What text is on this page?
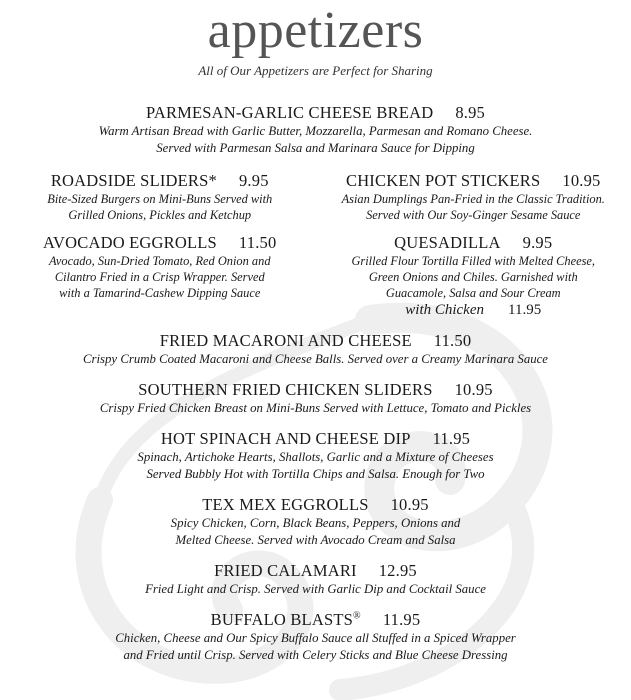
appetizers
All of Our Appetizers are Perfect for Sharing
PARMESAN-GARLIC CHEESE BREAD 8.95
Warm Artisan Bread with Garlic Butter, Mozzarella, Parmesan and Romano Cheese.
Served with Parmesan Salsa and Marinara Sauce for Dipping
ROADSIDE SLIDERS* 9.95
Bite-Sized Burgers on Mini-Buns Served with
Grilled Onions, Pickles and Ketchup
CHICKEN POT STICKERS 10.95
Asian Dumplings Pan-Fried in the Classic Tradition.
Served with Our Soy-Ginger Sesame Sauce
AVOCADO EGGROLLS 11.50
Avocado, Sun-Dried Tomato, Red Onion and
Cilantro Fried in a Crisp Wrapper. Served
with a Tamarind-Cashew Dipping Sauce
QUESADILLA 9.95
Grilled Flour Tortilla Filled with Melted Cheese,
Green Onions and Chiles. Garnished with
Guacamole, Salsa and Sour Cream
with Chicken 11.95
FRIED MACARONI AND CHEESE 11.50
Crispy Crumb Coated Macaroni and Cheese Balls. Served over a Creamy Marinara Sauce
SOUTHERN FRIED CHICKEN SLIDERS 10.95
Crispy Fried Chicken Breast on Mini-Buns Served with Lettuce, Tomato and Pickles
HOT SPINACH AND CHEESE DIP 11.95
Spinach, Artichoke Hearts, Shallots, Garlic and a Mixture of Cheeses
Served Bubbly Hot with Tortilla Chips and Salsa. Enough for Two
TEX MEX EGGROLLS 10.95
Spicy Chicken, Corn, Black Beans, Peppers, Onions and
Melted Cheese. Served with Avocado Cream and Salsa
FRIED CALAMARI 12.95
Fried Light and Crisp. Served with Garlic Dip and Cocktail Sauce
BUFFALO BLASTS® 11.95
Chicken, Cheese and Our Spicy Buffalo Sauce all Stuffed in a Spiced Wrapper
and Fried until Crisp. Served with Celery Sticks and Blue Cheese Dressing
